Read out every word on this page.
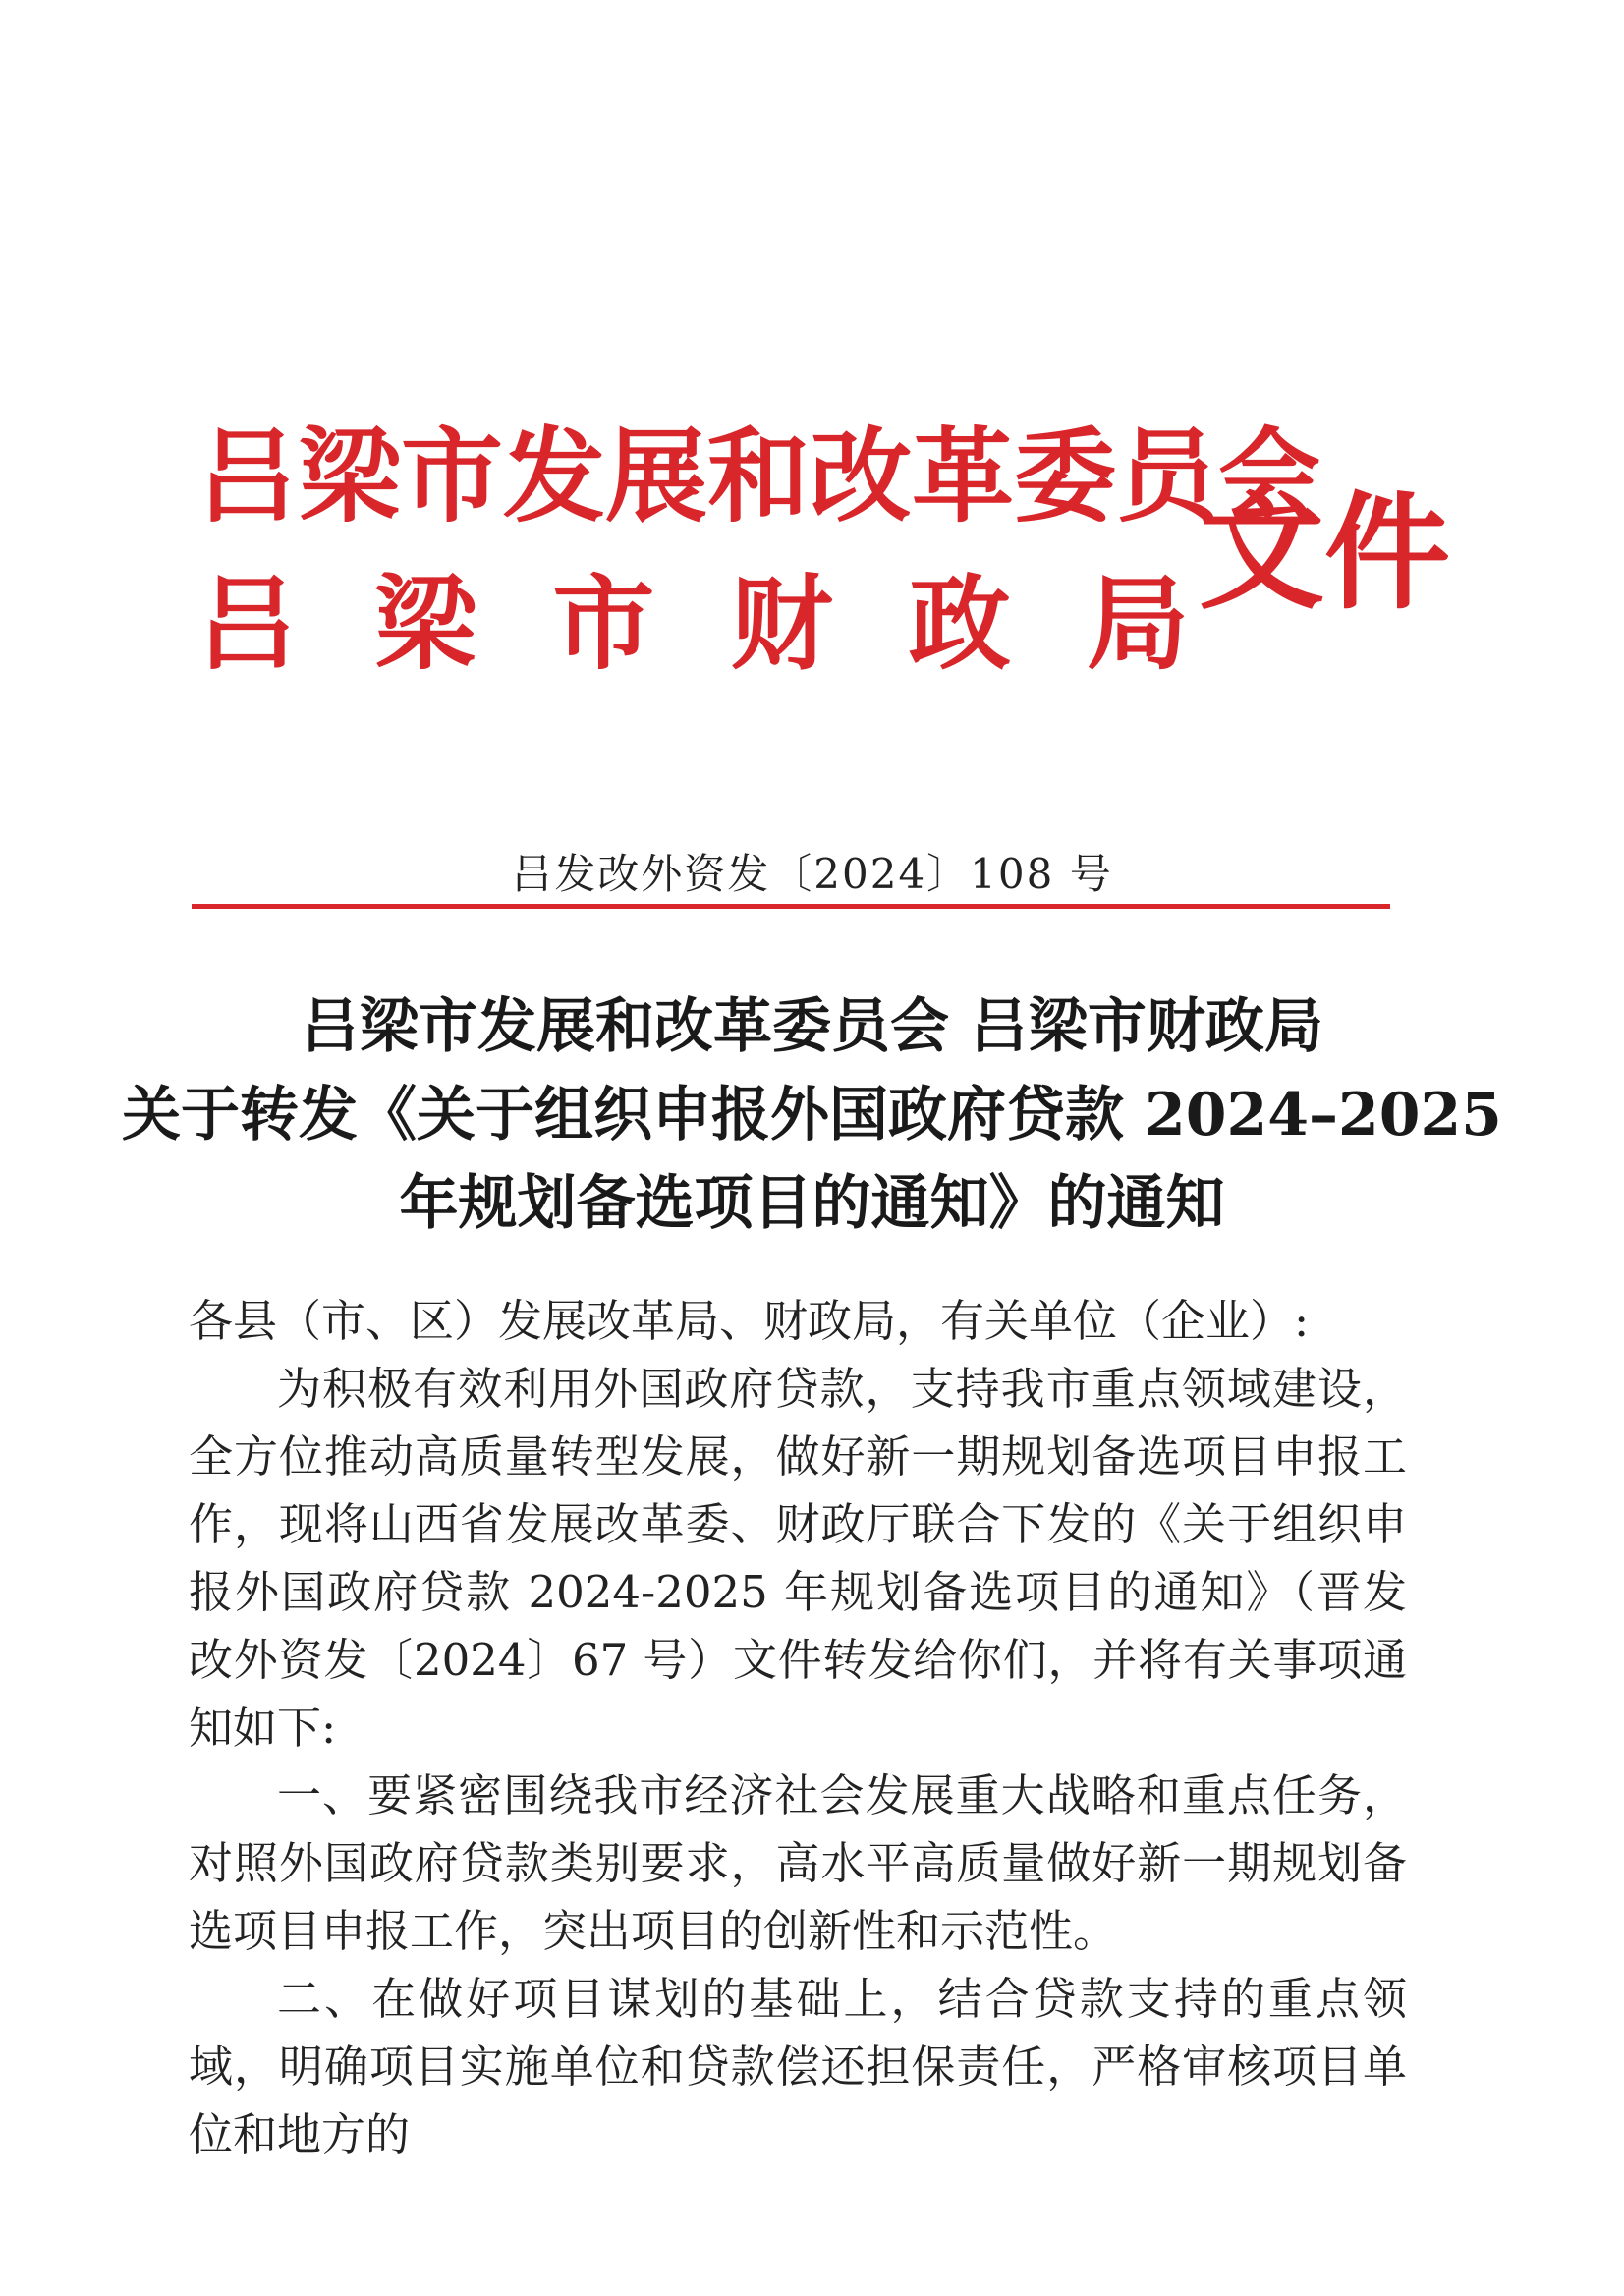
吕梁市发展和改革委员会
吕 梁 市 财 政 局 文件
吕发改外资发〔2024〕108 号
吕梁市发展和改革委员会 吕梁市财政局
关于转发《关于组织申报外国政府贷款 2024–2025
年规划备选项目的通知》的通知

各县（市、区）发展改革局、财政局，有关单位（企业）:

为积极有效利用外国政府贷款，支持我市重点领域建设，全方位推动高质量转型发展，做好新一期规划备选项目申报工作，现将山西省发展改革委、财政厅联合下发的《关于组织申报外国政府贷款 2024-2025 年规划备选项目的通知》（晋发改外资发〔2024〕67 号）文件转发给你们，并将有关事项通知如下:

一、要紧密围绕我市经济社会发展重大战略和重点任务，对照外国政府贷款类别要求，高水平高质量做好新一期规划备选项目申报工作，突出项目的创新性和示范性。

二、在做好项目谋划的基础上，结合贷款支持的重点领域，明确项目实施单位和贷款偿还担保责任，严格审核项目单位和地方的
